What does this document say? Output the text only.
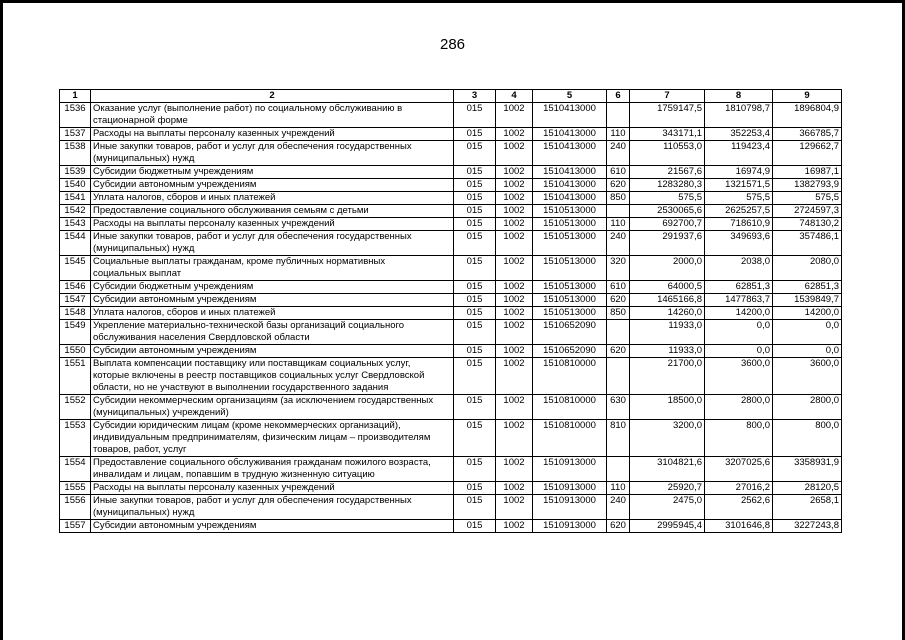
286
1	2	3	4	5	6	7	8	9
1536	Оказание услуг (выполнение работ) по социальному обслуживанию в
стационарной форме	015	1002	1510413000		1759147,5	1810798,7	1896804,9
1537	Расходы на выплаты персоналу казенных учреждений	015	1002	1510413000	110	343171,1	352253,4	366785,7
1538	Иные закупки товаров, работ и услуг для обеспечения государственных
(муниципальных) нужд	015	1002	1510413000	240	110553,0	119423,4	129662,7
1539	Субсидии бюджетным учреждениям	015	1002	1510413000	610	21567,6	16974,9	16987,1
1540	Субсидии автономным учреждениям	015	1002	1510413000	620	1283280,3	1321571,5	1382793,9
1541	Уплата налогов, сборов и иных платежей	015	1002	1510413000	850	575,5	575,5	575,5
1542	Предоставление социального обслуживания семьям с детьми	015	1002	1510513000		2530065,6	2625257,5	2724597,3
1543	Расходы на выплаты персоналу казенных учреждений	015	1002	1510513000	110	692700,7	718610,9	748130,2
1544	Иные закупки товаров, работ и услуг для обеспечения государственных
(муниципальных) нужд	015	1002	1510513000	240	291937,6	349693,6	357486,1
1545	Социальные выплаты гражданам, кроме публичных нормативных
социальных выплат	015	1002	1510513000	320	2000,0	2038,0	2080,0
1546	Субсидии бюджетным учреждениям	015	1002	1510513000	610	64000,5	62851,3	62851,3
1547	Субсидии автономным учреждениям	015	1002	1510513000	620	1465166,8	1477863,7	1539849,7
1548	Уплата налогов, сборов и иных платежей	015	1002	1510513000	850	14260,0	14200,0	14200,0
1549	Укрепление материально-технической базы организаций социального
обслуживания населения Свердловской области	015	1002	1510652090		11933,0	0,0	0,0
1550	Субсидии автономным учреждениям	015	1002	1510652090	620	11933,0	0,0	0,0
1551	Выплата компенсации поставщику или поставщикам социальных услуг,
которые включены в реестр поставщиков социальных услуг Свердловской
области, но не участвуют в выполнении государственного задания	015	1002	1510810000		21700,0	3600,0	3600,0
1552	Субсидии некоммерческим организациям (за исключением государственных
(муниципальных) учреждений)	015	1002	1510810000	630	18500,0	2800,0	2800,0
1553	Субсидии юридическим лицам (кроме некоммерческих организаций),
индивидуальным предпринимателям, физическим лицам – производителям
товаров, работ, услуг	015	1002	1510810000	810	3200,0	800,0	800,0
1554	Предоставление социального обслуживания гражданам пожилого возраста,
инвалидам и лицам, попавшим в трудную жизненную ситуацию	015	1002	1510913000		3104821,6	3207025,6	3358931,9
1555	Расходы на выплаты персоналу казенных учреждений	015	1002	1510913000	110	25920,7	27016,2	28120,5
1556	Иные закупки товаров, работ и услуг для обеспечения государственных
(муниципальных) нужд	015	1002	1510913000	240	2475,0	2562,6	2658,1
1557	Субсидии автономным учреждениям	015	1002	1510913000	620	2995945,4	3101646,8	3227243,8
